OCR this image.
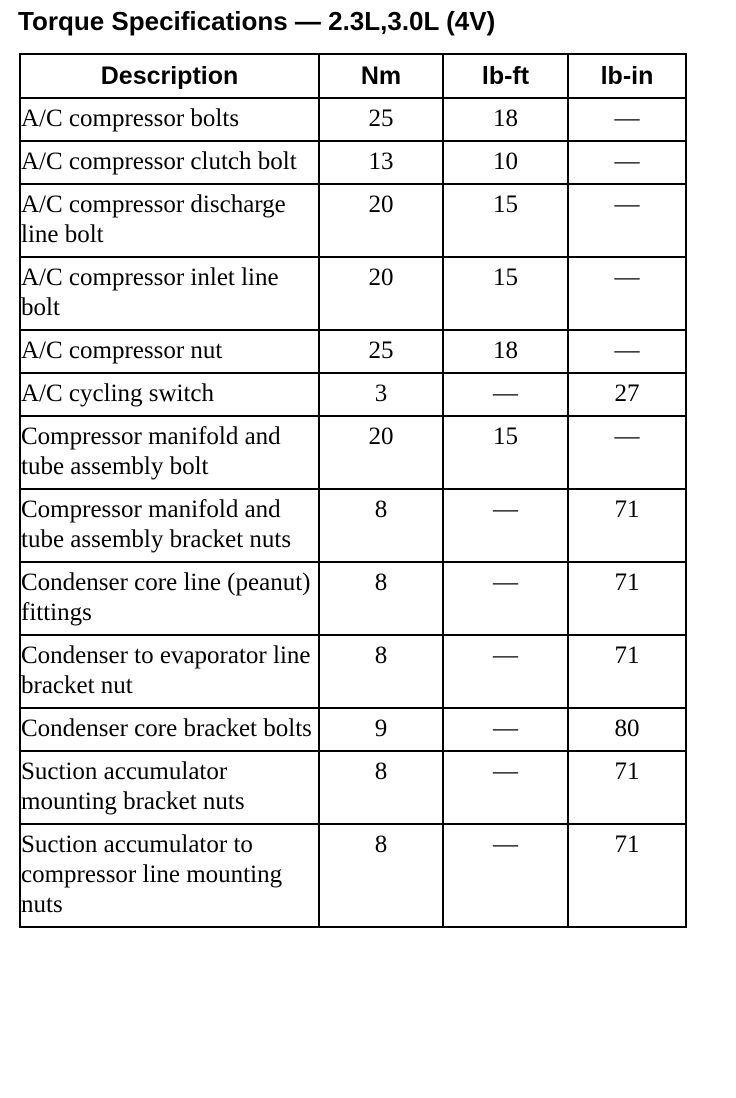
Torque Specifications — 2.3L,3.0L (4V)
Description	Nm	lb-ft	lb-in
A/C compressor bolts	25	18	—
A/C compressor clutch bolt	13	10	—
A/C compressor discharge line bolt	20	15	—
A/C compressor inlet line bolt	20	15	—
A/C compressor nut	25	18	—
A/C cycling switch	3	—	27
Compressor manifold and tube assembly bolt	20	15	—
Compressor manifold and tube assembly bracket nuts	8	—	71
Condenser core line (peanut) fittings	8	—	71
Condenser to evaporator line bracket nut	8	—	71
Condenser core bracket bolts	9	—	80
Suction accumulator mounting bracket nuts	8	—	71
Suction accumulator to compressor line mounting nuts	8	—	71
